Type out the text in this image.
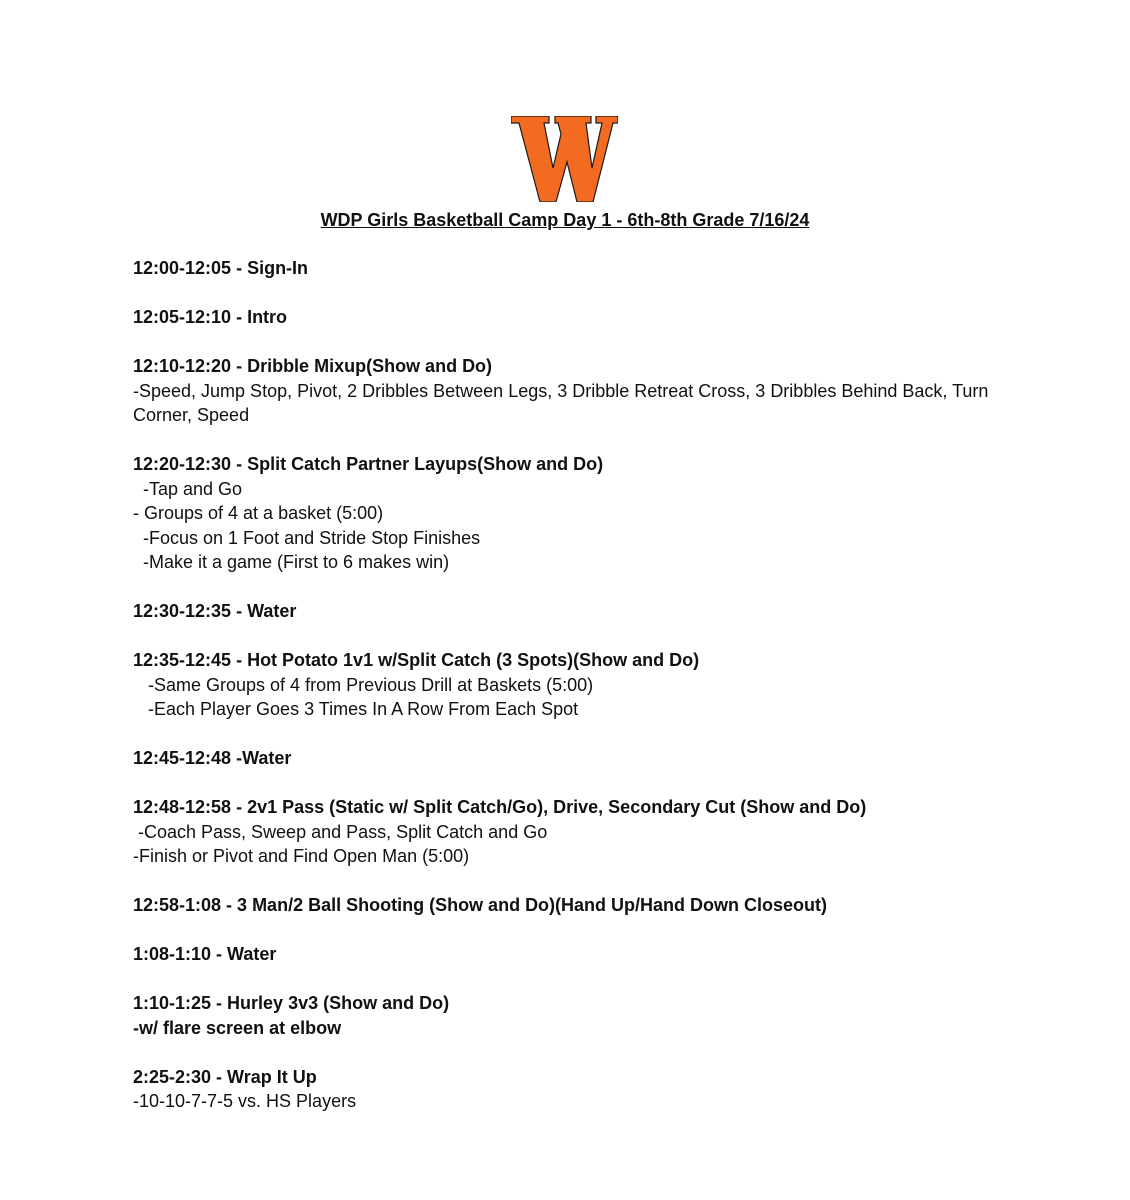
WDP Girls Basketball Camp Day 1 - 6th-8th Grade 7/16/24
12:00-12:05 - Sign-In
12:05-12:10 - Intro
12:10-12:20 - Dribble Mixup(Show and Do)
-Speed, Jump Stop, Pivot, 2 Dribbles Between Legs, 3 Dribble Retreat Cross, 3 Dribbles Behind Back, Turn Corner, Speed
12:20-12:30 - Split Catch Partner Layups(Show and Do)
-Tap and Go
- Groups of 4 at a basket (5:00)
-Focus on 1 Foot and Stride Stop Finishes
-Make it a game (First to 6 makes win)
12:30-12:35 - Water
12:35-12:45 - Hot Potato 1v1 w/Split Catch (3 Spots)(Show and Do)
-Same Groups of 4 from Previous Drill at Baskets (5:00)
-Each Player Goes 3 Times In A Row From Each Spot
12:45-12:48 -Water
12:48-12:58 - 2v1 Pass (Static w/ Split Catch/Go), Drive, Secondary Cut (Show and Do)
-Coach Pass, Sweep and Pass, Split Catch and Go
-Finish or Pivot and Find Open Man (5:00)
12:58-1:08 - 3 Man/2 Ball Shooting (Show and Do)(Hand Up/Hand Down Closeout)
1:08-1:10 - Water
1:10-1:25 - Hurley 3v3 (Show and Do)
-w/ flare screen at elbow
2:25-2:30 - Wrap It Up
-10-10-7-7-5 vs. HS Players
